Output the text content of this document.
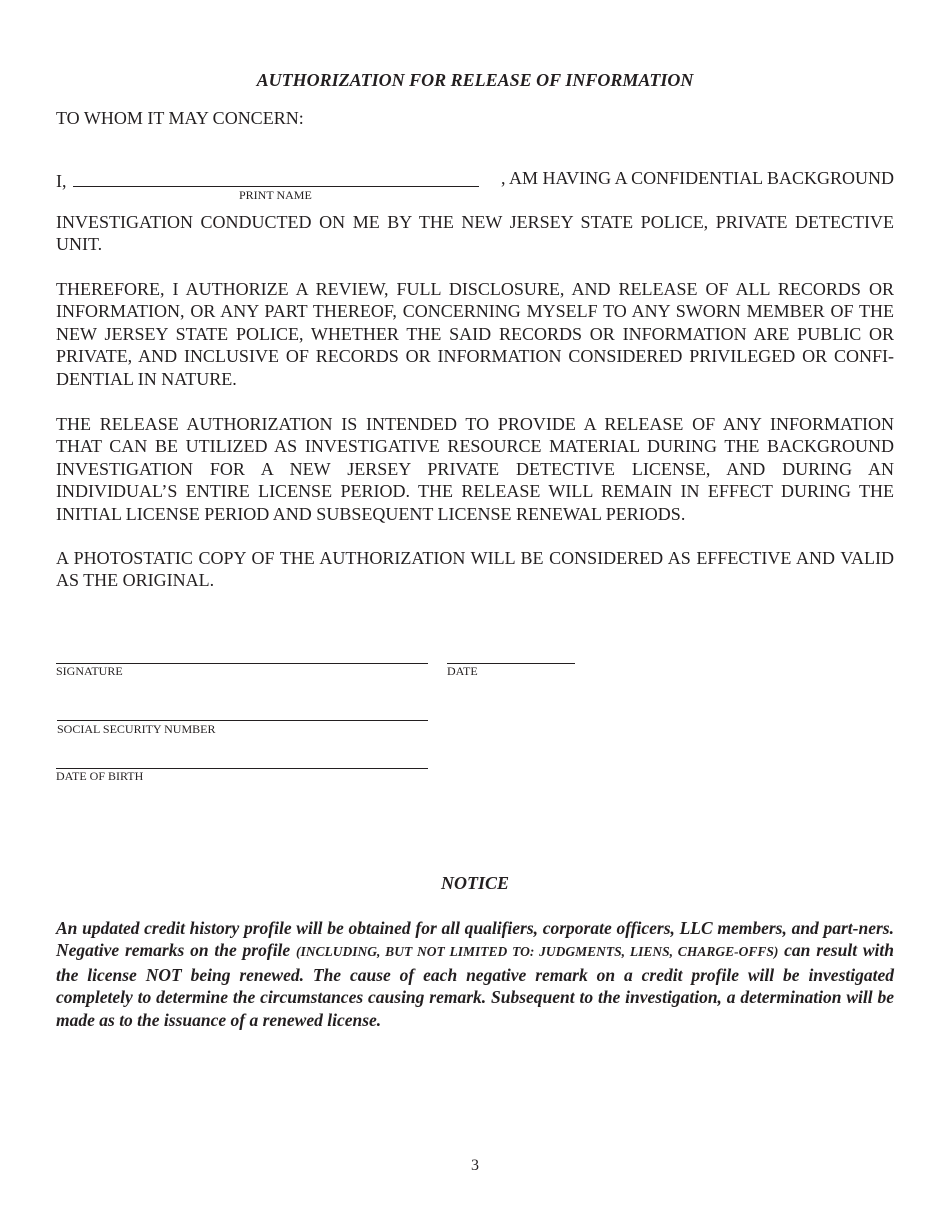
AUTHORIZATION FOR RELEASE OF INFORMATION
TO WHOM IT MAY CONCERN:
I,	, AM HAVING A CONFIDENTIAL BACKGROUND
PRINT NAME

INVESTIGATION CONDUCTED ON ME BY THE NEW JERSEY STATE POLICE, PRIVATE DETECTIVE UNIT.

THEREFORE, I AUTHORIZE A REVIEW, FULL DISCLOSURE, AND RELEASE OF ALL RECORDS OR INFORMATION, OR ANY PART THEREOF, CONCERNING MYSELF TO ANY SWORN MEMBER OF THE NEW JERSEY STATE POLICE, WHETHER THE SAID RECORDS OR INFORMATION ARE PUBLIC OR PRIVATE, AND INCLUSIVE OF RECORDS OR INFORMATION CONSIDERED PRIVILEGED OR CONFI-DENTIAL IN NATURE.

THE RELEASE AUTHORIZATION IS INTENDED TO PROVIDE A RELEASE OF ANY INFORMATION THAT CAN BE UTILIZED AS INVESTIGATIVE RESOURCE MATERIAL DURING THE BACKGROUND INVESTIGATION FOR A NEW JERSEY PRIVATE DETECTIVE LICENSE, AND DURING AN INDIVIDUAL’S ENTIRE LICENSE PERIOD. THE RELEASE WILL REMAIN IN EFFECT DURING THE INITIAL LICENSE PERIOD AND SUBSEQUENT LICENSE RENEWAL PERIODS.

A PHOTOSTATIC COPY OF THE AUTHORIZATION WILL BE CONSIDERED AS EFFECTIVE AND VALID AS THE ORIGINAL.

SIGNATURE	DATE
SOCIAL SECURITY NUMBER
DATE OF BIRTH
NOTICE

An updated credit history profile will be obtained for all qualifiers, corporate officers, LLC members, and part-ners. Negative remarks on the profile (INCLUDING, BUT NOT LIMITED TO: JUDGMENTS, LIENS, CHARGE-OFFS) can result with the license NOT being renewed. The cause of each negative remark on a credit profile will be investigated completely to determine the circumstances causing remark. Subsequent to the investigation, a determination will be made as to the issuance of a renewed license.

3
